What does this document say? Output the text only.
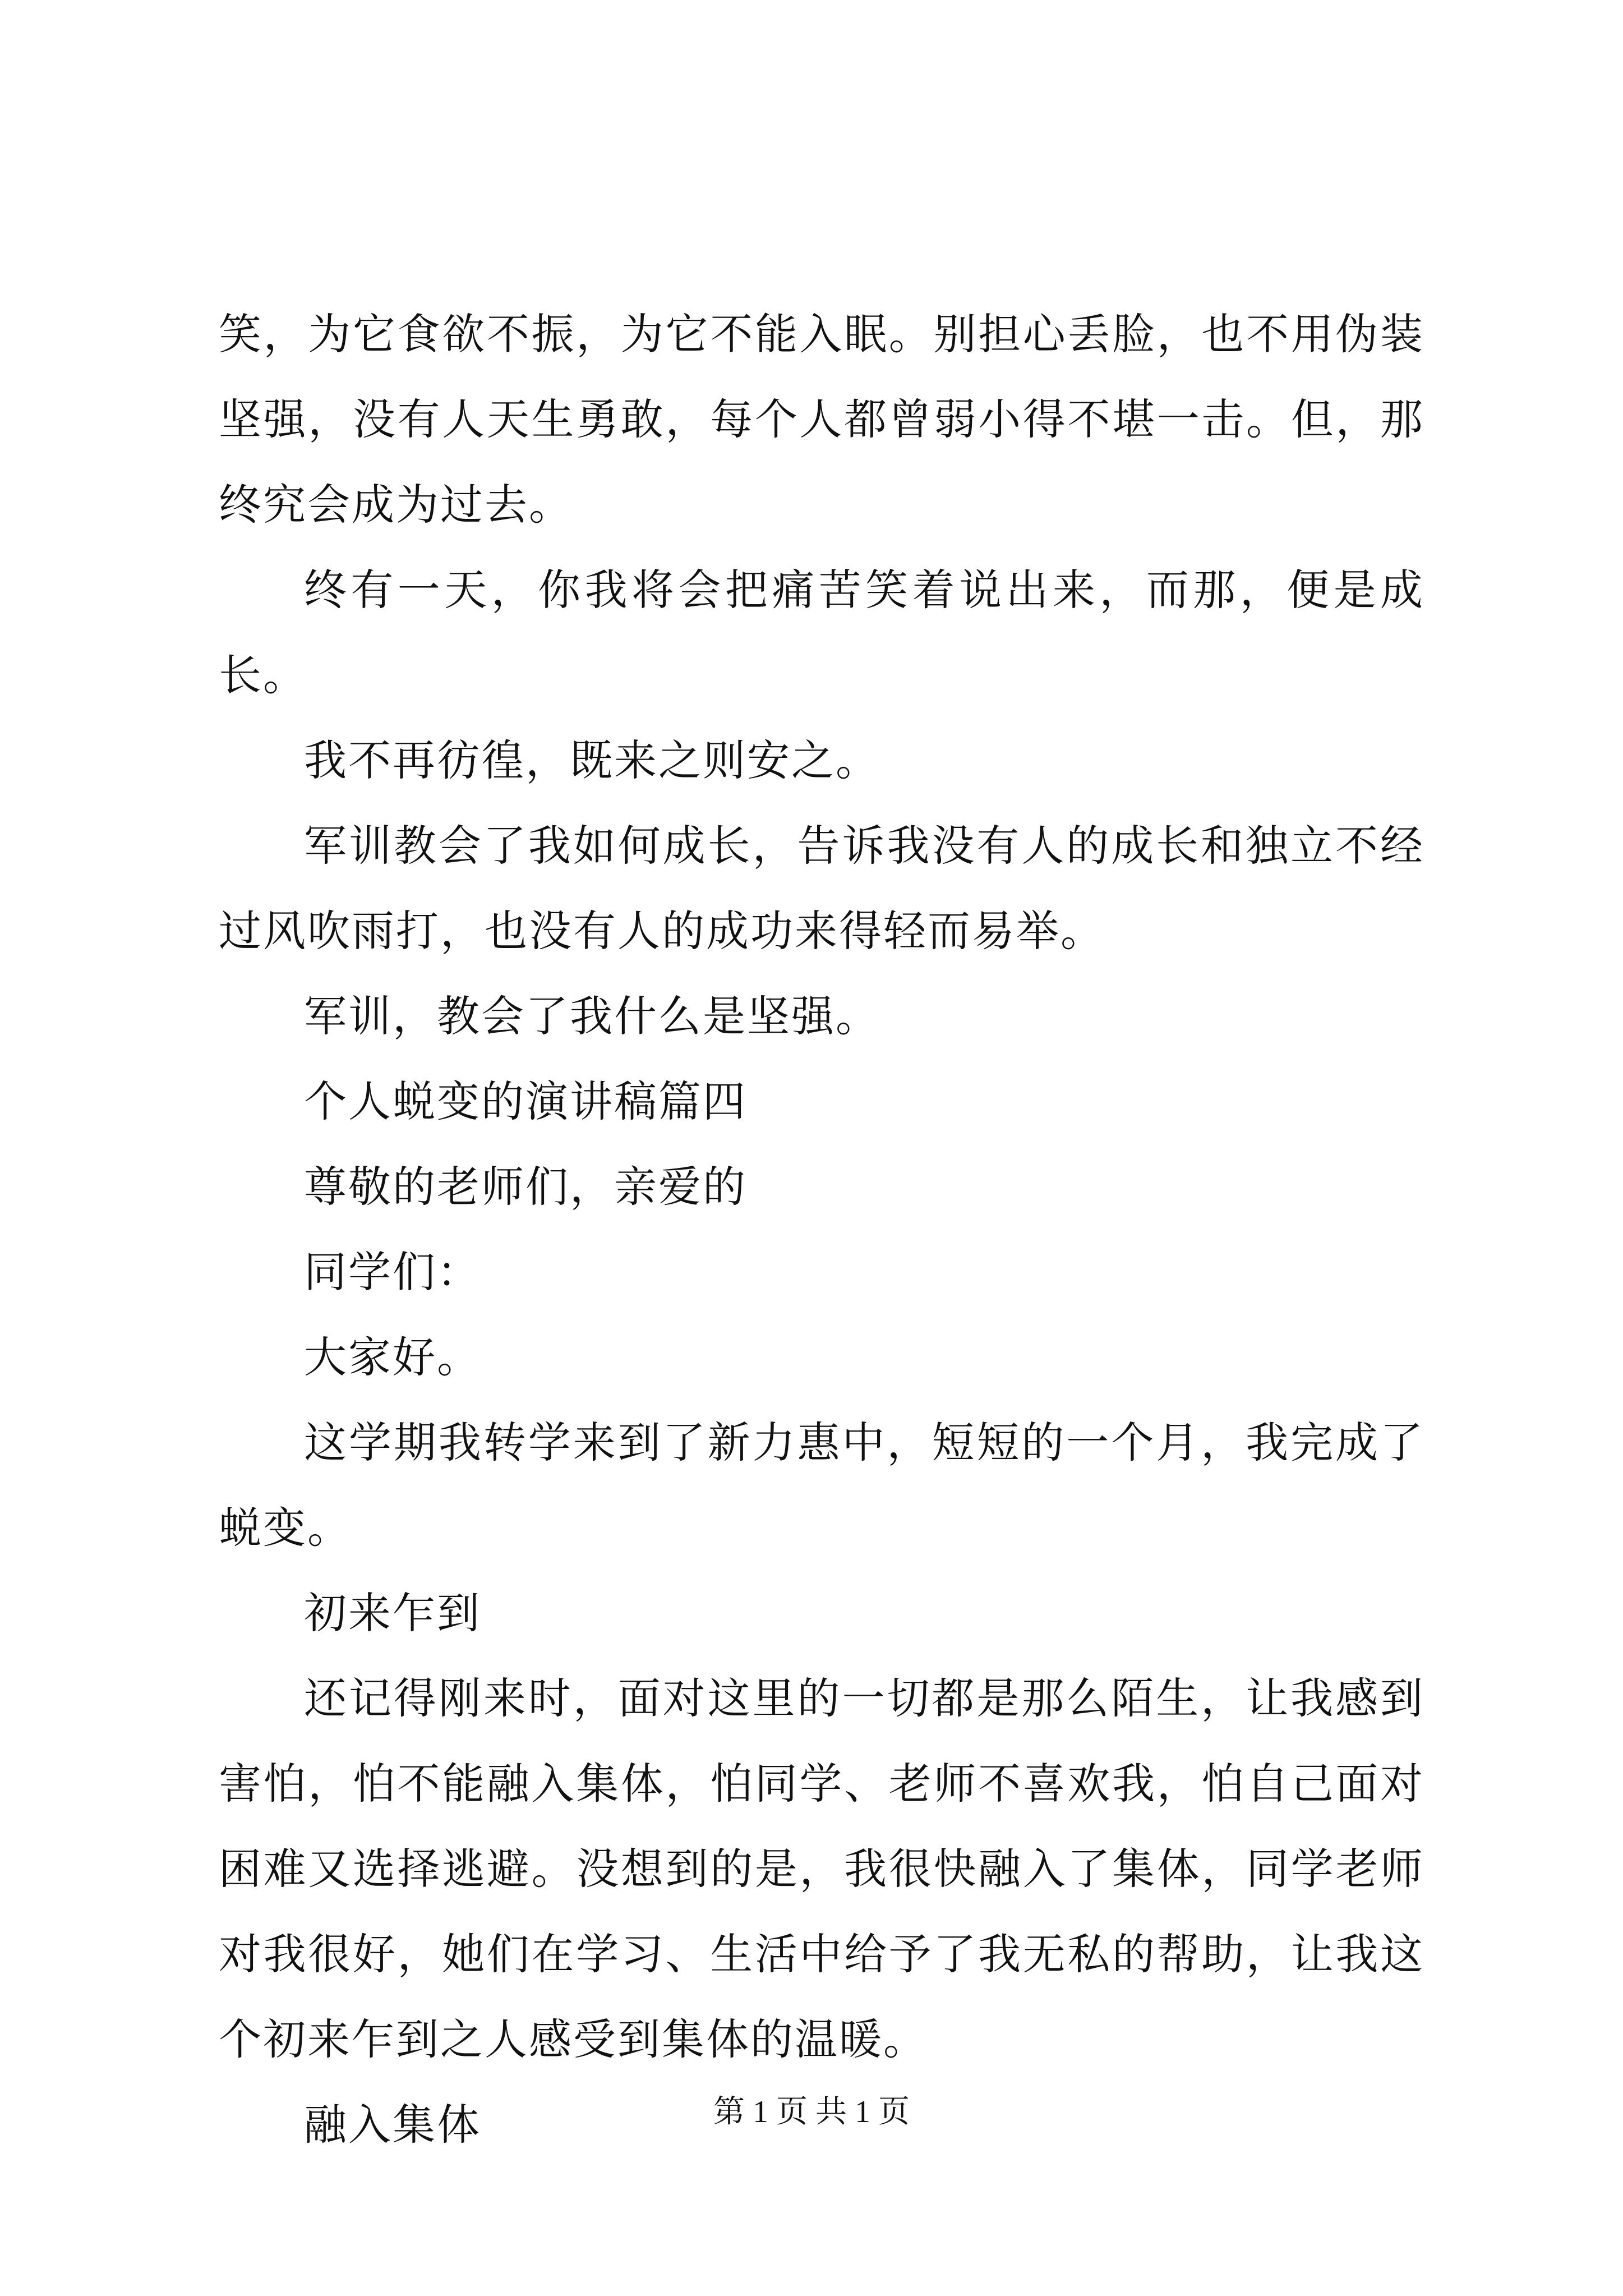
笑，为它食欲不振，为它不能入眠。别担心丢脸，也不用伪装坚强，没有人天生勇敢，每个人都曾弱小得不堪一击。但，那终究会成为过去。

终有一天，你我将会把痛苦笑着说出来，而那，便是成长。

我不再彷徨，既来之则安之。

军训教会了我如何成长，告诉我没有人的成长和独立不经过风吹雨打，也没有人的成功来得轻而易举。

军训，教会了我什么是坚强。

个人蜕变的演讲稿篇四

尊敬的老师们，亲爱的

同学们：

大家好。

这学期我转学来到了新力惠中，短短的一个月，我完成了蜕变。

初来乍到

还记得刚来时，面对这里的一切都是那么陌生，让我感到害怕，怕不能融入集体，怕同学、老师不喜欢我，怕自己面对困难又选择逃避。没想到的是，我很快融入了集体，同学老师对我很好，她们在学习、生活中给予了我无私的帮助，让我这个初来乍到之人感受到集体的温暖。

融入集体	第 1 页 共 1 页
